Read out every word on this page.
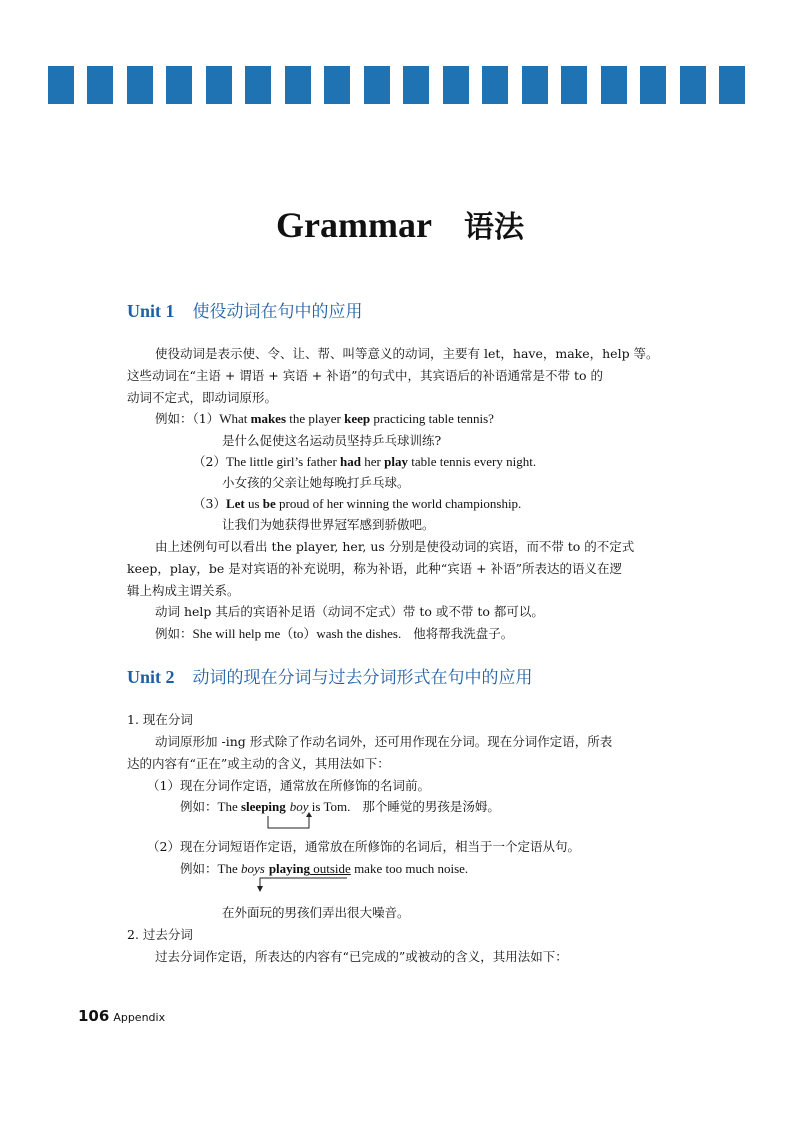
Grammar 语法
Unit 1 使役动词在句中的应用
使役动词是表示使、令、让、帮、叫等意义的动词，主要有 let，have，make，help 等。
这些动词在“主语 + 谓语 + 宾语 + 补语”的句式中，其宾语后的补语通常是不带 to 的
动词不定式，即动词原形。
例如：（1）What makes the player keep practicing table tennis?
是什么促使这名运动员坚持乒乓球训练?
（2）The little girl’s father had her play table tennis every night.
小女孩的父亲让她每晚打乒乓球。
（3）Let us be proud of her winning the world championship.
让我们为她获得世界冠军感到骄傲吧。
由上述例句可以看出 the player, her, us 分别是使役动词的宾语，而不带 to 的不定式
keep，play，be 是对宾语的补充说明，称为补语，此种“宾语 + 补语”所表达的语义在逻
辑上构成主谓关系。
动词 help 其后的宾语补足语（动词不定式）带 to 或不带 to 都可以。
例如：She will help me（to）wash the dishes. 他将帮我洗盘子。
Unit 2 动词的现在分词与过去分词形式在句中的应用
1. 现在分词
动词原形加 -ing 形式除了作动名词外，还可用作现在分词。现在分词作定语，所表
达的内容有“正在”或主动的含义，其用法如下：
（1）现在分词作定语，通常放在所修饰的名词前。
例如：The sleeping boy is Tom. 那个睡觉的男孩是汤姆。
（2）现在分词短语作定语，通常放在所修饰的名词后，相当于一个定语从句。
例如：The boys playing outside make too much noise.
在外面玩的男孩们弄出很大噪音。
2. 过去分词
过去分词作定语，所表达的内容有“已完成的”或被动的含义，其用法如下：
106 Appendix
